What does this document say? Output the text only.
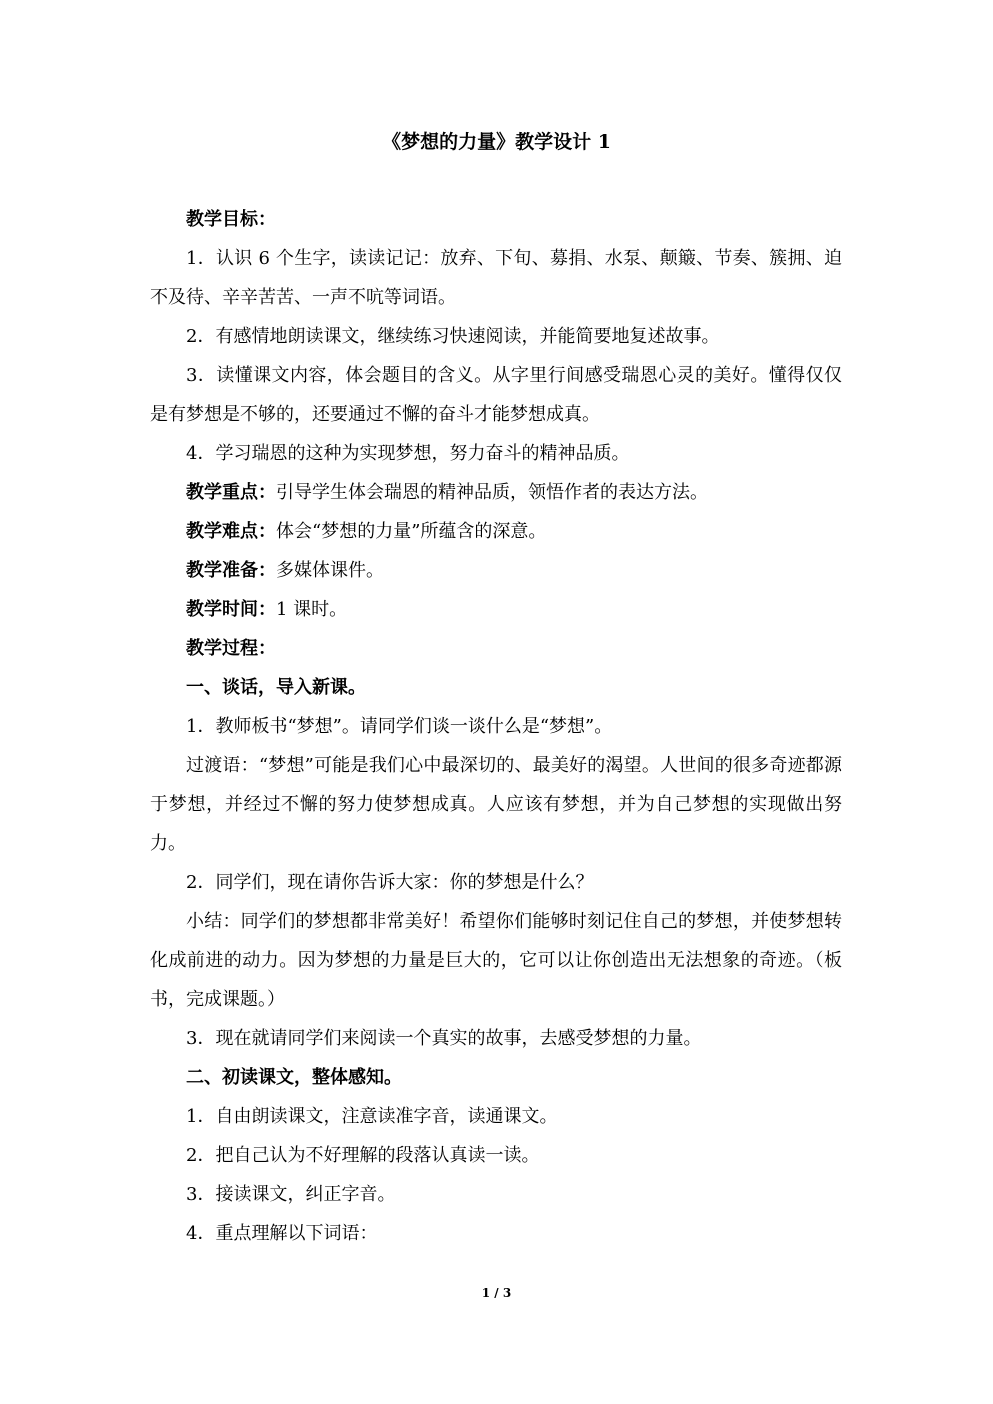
《梦想的力量》教学设计 1

教学目标：

1．认识 6 个生字，读读记记：放弃、下旬、募捐、水泵、颠簸、节奏、簇拥、迫不及待、辛辛苦苦、一声不吭等词语。

2．有感情地朗读课文，继续练习快速阅读，并能简要地复述故事。

3．读懂课文内容，体会题目的含义。从字里行间感受瑞恩心灵的美好。懂得仅仅是有梦想是不够的，还要通过不懈的奋斗才能梦想成真。

4．学习瑞恩的这种为实现梦想，努力奋斗的精神品质。

教学重点：引导学生体会瑞恩的精神品质，领悟作者的表达方法。

教学难点：体会“梦想的力量”所蕴含的深意。

教学准备：多媒体课件。

教学时间：1 课时。

教学过程：

一、谈话，导入新课。

1．教师板书“梦想”。请同学们谈一谈什么是“梦想”。

过渡语：“梦想”可能是我们心中最深切的、最美好的渴望。人世间的很多奇迹都源于梦想，并经过不懈的努力使梦想成真。人应该有梦想，并为自己梦想的实现做出努力。

2．同学们，现在请你告诉大家：你的梦想是什么？

小结：同学们的梦想都非常美好！希望你们能够时刻记住自己的梦想，并使梦想转化成前进的动力。因为梦想的力量是巨大的，它可以让你创造出无法想象的奇迹。（板书，完成课题。）

3．现在就请同学们来阅读一个真实的故事，去感受梦想的力量。

二、初读课文，整体感知。

1．自由朗读课文，注意读准字音，读通课文。

2．把自己认为不好理解的段落认真读一读。

3．接读课文，纠正字音。

4．重点理解以下词语：

1 / 3
